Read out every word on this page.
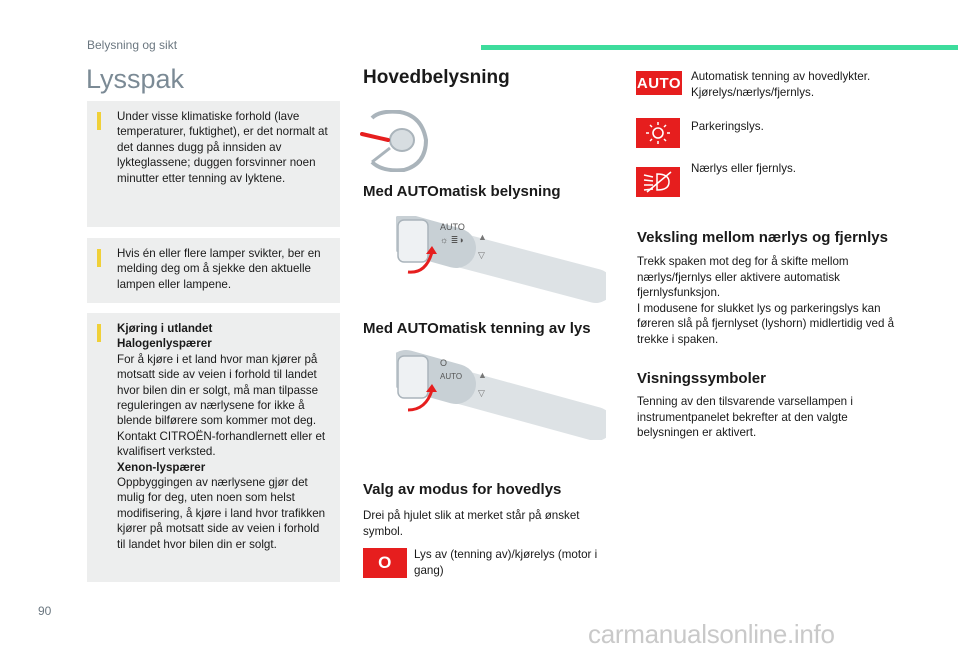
Belysning og sikt
Lysspak

Under visse klimatiske forhold (lave temperaturer, fuktighet), er det normalt at det dannes dugg på innsiden av lykteglassene; duggen forsvinner noen minutter etter tenning av lyktene.

Hvis én eller flere lamper svikter, ber en melding deg om å sjekke den aktuelle lampen eller lampene.

Kjøring i utlandet

Halogenlyspærer

For å kjøre i et land hvor man kjører på motsatt side av veien i forhold til landet hvor bilen din er solgt, må man tilpasse reguleringen av nærlysene for ikke å blende bilførere som kommer mot deg. Kontakt CITROËN-forhandlernett eller et kvalifisert verksted.

Xenon-lyspærer

Oppbyggingen av nærlysene gjør det mulig for deg, uten noen som helst modifisering, å kjøre i land hvor trafikken kjører på motsatt side av veien i forhold til landet hvor bilen din er solgt.

Hovedbelysning
Med AUTOmatisk belysning
AUTO
☼ ≣◑ ▲
▽
Med AUTOmatisk tenning av lys
O
AUTO ▲
▽
Valg av modus for hovedlys
Drei på hjulet slik at merket står på ønsket symbol.
O Lys av (tenning av)/kjørelys (motor i gang)
AUTO Automatisk tenning av hovedlykter. Kjørelys/nærlys/fjernlys.
Parkeringslys.
Nærlys eller fjernlys.
Veksling mellom nærlys og fjernlys
Trekk spaken mot deg for å skifte mellom nærlys/fjernlys eller aktivere automatisk fjernlysfunksjon.
I modusene for slukket lys og parkeringslys kan føreren slå på fjernlyset (lyshorn) midlertidig ved å trekke i spaken.
Visningssymboler
Tenning av den tilsvarende varsellampen i instrumentpanelet bekrefter at den valgte belysningen er aktivert.
90
carmanualsonline.info
